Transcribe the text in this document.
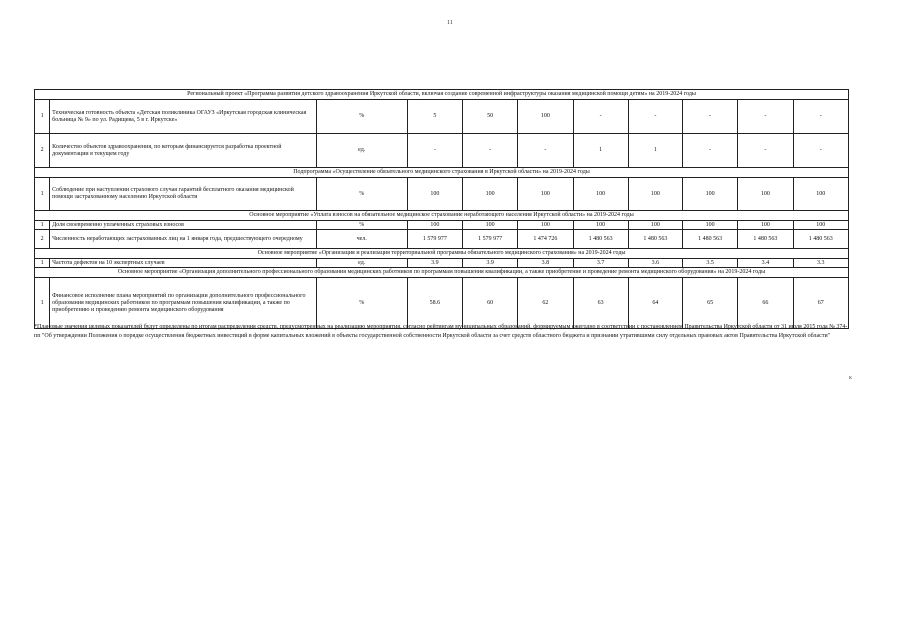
11
Региональный проект «Программа развития детского здравоохранения Иркутской области, включая создание современной инфраструктуры оказания медицинской помощи детям» на 2019-2024 годы										
1	Техническая готовность объекта «Детская поликлиника ОГАУЗ «Иркутская городская клиническая больница № 9» по ул. Радищева, 5 в г. Иркутске»	%	5	50	100	-	-	-	-	-
2	Количество объектов здравоохранения, по которым финансируется разработка проектной документации в текущем году	ед.	-	-	-	1	1	-	-	-
Подпрограмма «Осуществление обязательного медицинского страхования в Иркутской области» на 2019-2024 годы										
1	Соблюдение при наступлении страхового случая гарантий бесплатного оказания медицинской помощи застрахованному населению Иркутской области	%	100	100	100	100	100	100	100	100
Основное мероприятие «Уплата взносов на обязательное медицинское страхование неработающего населения Иркутской области» на 2019-2024 годы										
1	Доля своевременно уплаченных страховых взносов	%	100	100	100	100	100	100	100	100
2	Численность неработающих застрахованных лиц на 1 января года, предшествующего очередному	чел.	1 579 977	1 579 977	1 474 726	1 480 563	1 480 563	1 480 563	1 480 563	1 480 563
Основное мероприятие «Организация и реализация территориальной программы обязательного медицинского страхования» на 2019-2024 годы										
1	Частота дефектов на 10 экспертных случаев	ед.	3.9	3.9	3.8	3.7	3.6	3.5	3.4	3.3
Основное мероприятие «Организация дополнительного профессионального образования медицинских работников по программам повышения квалификации, а также приобретение и проведение ремонта медицинского оборудования» на 2019-2024 годы										
1	Финансовое исполнение плана мероприятий по организации дополнительного профессионального образования медицинских работников по программам повышения квалификации, а также по приобретению и проведению ремонта медицинского оборудования	%	58.6	60	62	63	64	65	66	67
*Плановые значения целевых показателей будут определены по итогам распределения средств, предусмотренных на реализацию мероприятия, согласно рейтингам муниципальных образований, формируемым ежегодно в соответствии с постановлением Правительства Иркутской области от 31 июля 2015 года № 374-пп "Об утверждении Положения о порядке осуществления бюджетных инвестиций в форме капитальных вложений в объекты государственной собственности Иркутской области за счет средств областного бюджета и признании утратившими силу отдельных правовых актов Правительства Иркутской области"
к
